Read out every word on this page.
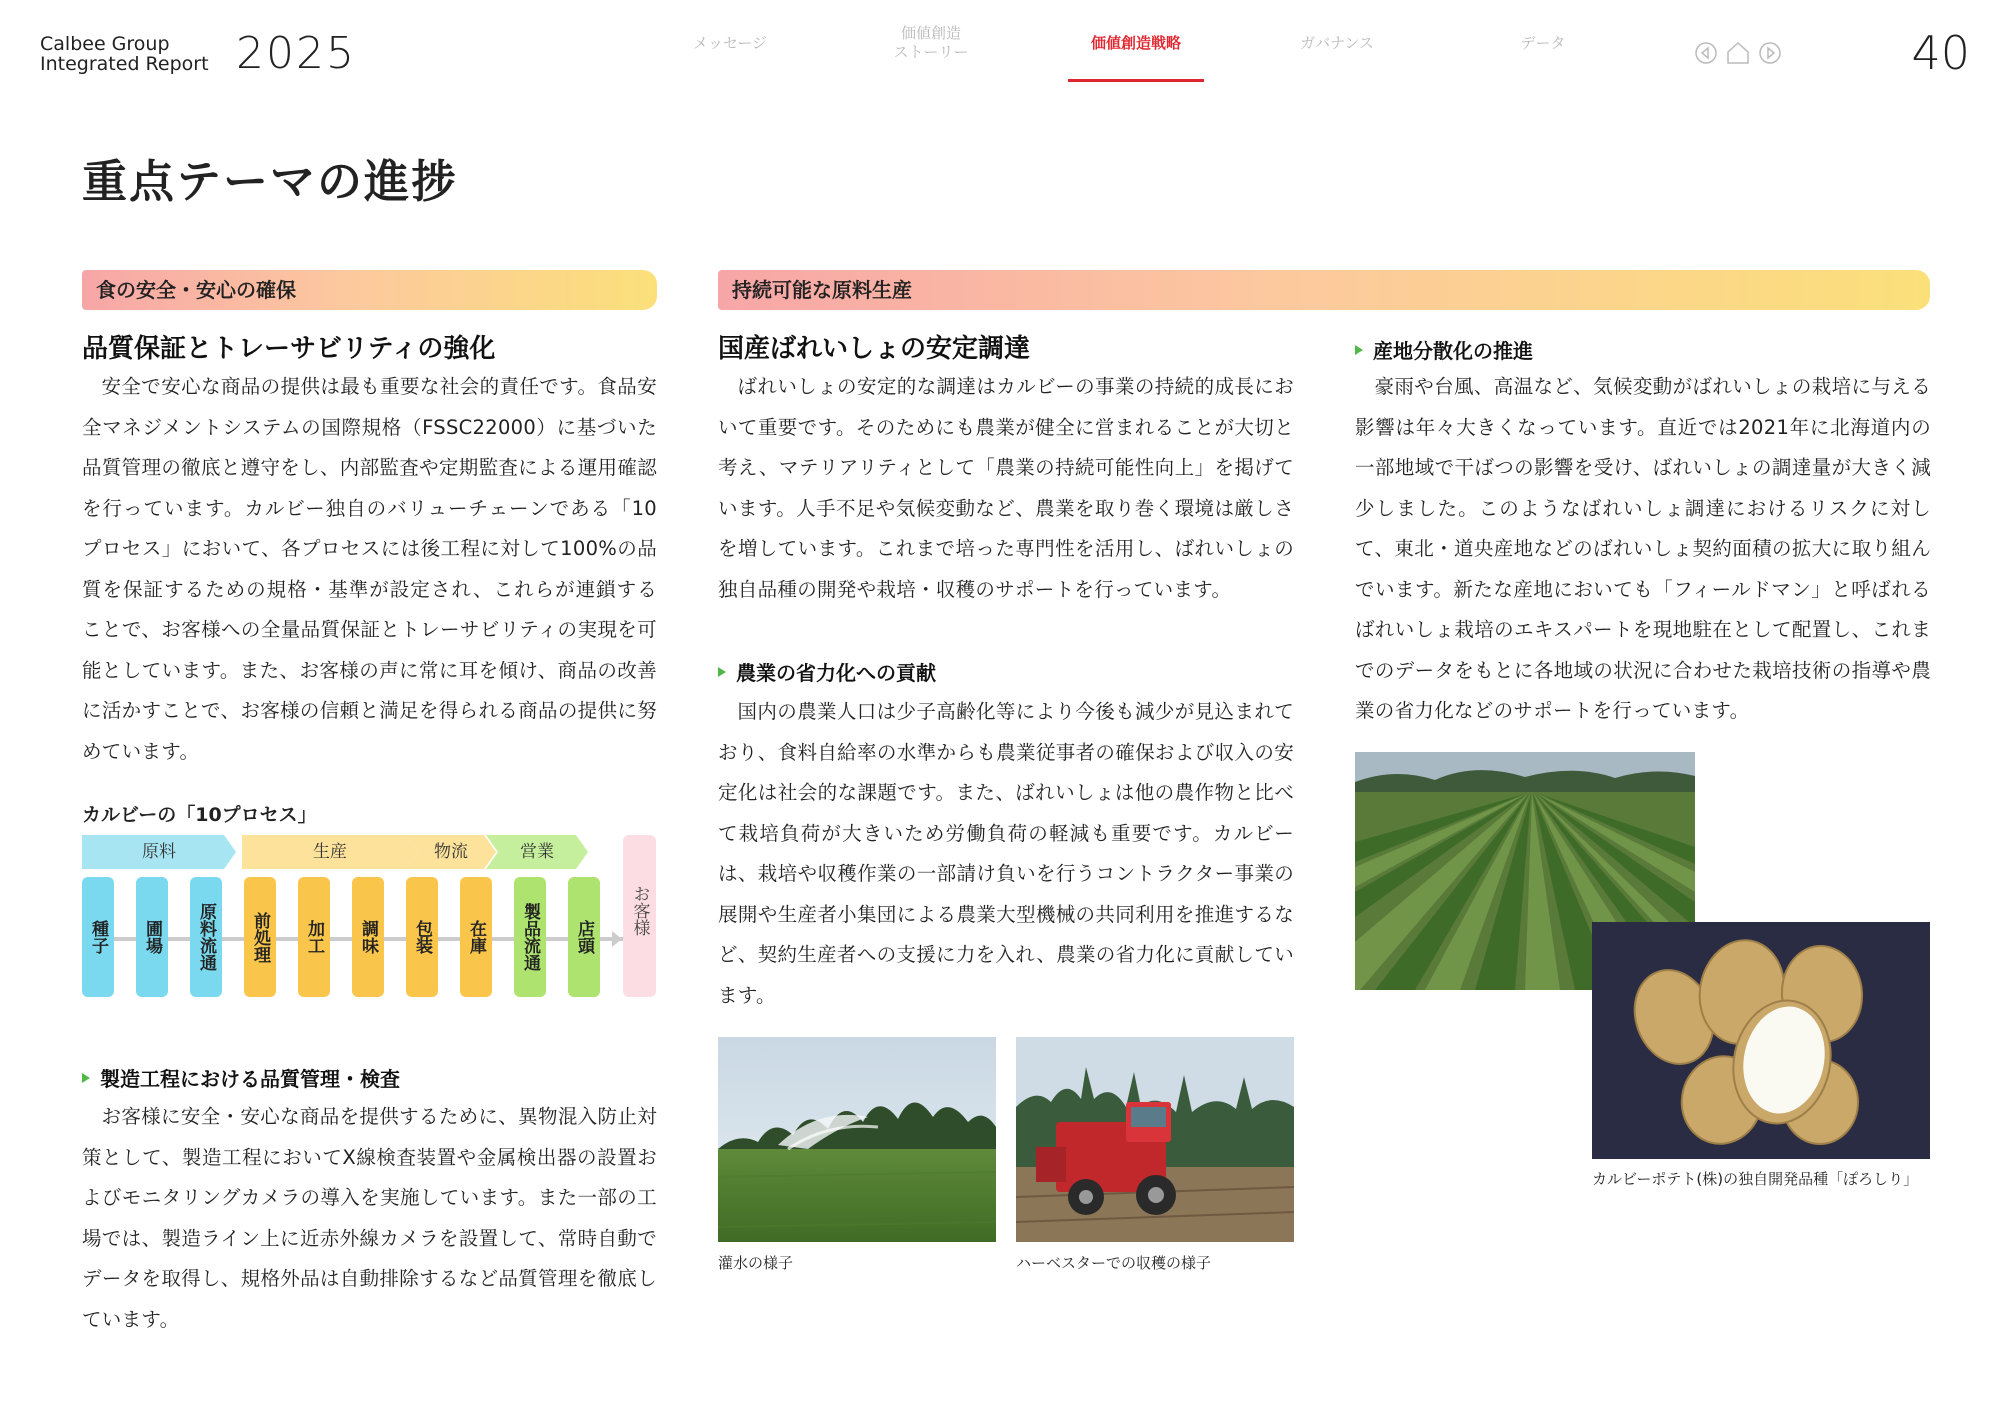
Calbee Group
Integrated Report 2025	メッセージ
価値創造
ストーリー
価値創造戦略	ガバナンス	データ	40
重点テーマの進捗
食の安全・安心の確保
品質保証とトレーサビリティの強化
安全で安心な商品の提供は最も重要な社会的責任です。食品安全マネジメントシステムの国際規格（FSSC22000）に基づいた品質管理の徹底と遵守をし、内部監査や定期監査による運用確認を行っています。カルビー独自のバリューチェーンである「10プロセス」において、各プロセスには後工程に対して100%の品質を保証するための規格・基準が設定され、これらが連鎖することで、お客様への全量品質保証とトレーサビリティの実現を可能としています。また、お客様の声に常に耳を傾け、商品の改善に活かすことで、お客様の信頼と満足を得られる商品の提供に努めています。
カルビーの「10プロセス」
原料	生産	物流	営業
種子	圃場	原料流通	前処理	加工	調味	包装	在庫	製品流通	店頭
お客様
製造工程における品質管理・検査
お客様に安全・安心な商品を提供するために、異物混入防止対策として、製造工程においてX線検査装置や金属検出器の設置およびモニタリングカメラの導入を実施しています。また一部の工場では、製造ライン上に近赤外線カメラを設置して、常時自動でデータを取得し、規格外品は自動排除するなど品質管理を徹底しています。
持続可能な原料生産
国産ばれいしょの安定調達
ばれいしょの安定的な調達はカルビーの事業の持続的成長において重要です。そのためにも農業が健全に営まれることが大切と考え、マテリアリティとして「農業の持続可能性向上」を掲げています。人手不足や気候変動など、農業を取り巻く環境は厳しさを増しています。これまで培った専門性を活用し、ばれいしょの独自品種の開発や栽培・収穫のサポートを行っています。
農業の省力化への貢献
国内の農業人口は少子高齢化等により今後も減少が見込まれており、食料自給率の水準からも農業従事者の確保および収入の安定化は社会的な課題です。また、ばれいしょは他の農作物と比べて栽培負荷が大きいため労働負荷の軽減も重要です。カルビーは、栽培や収穫作業の一部請け負いを行うコントラクター事業の展開や生産者小集団による農業大型機械の共同利用を推進するなど、契約生産者への支援に力を入れ、農業の省力化に貢献しています。
灌水の様子	ハーベスターでの収穫の様子
産地分散化の推進
豪雨や台風、高温など、気候変動がばれいしょの栽培に与える影響は年々大きくなっています。直近では2021年に北海道内の一部地域で干ばつの影響を受け、ばれいしょの調達量が大きく減少しました。このようなばれいしょ調達におけるリスクに対して、東北・道央産地などのばれいしょ契約面積の拡大に取り組んでいます。新たな産地においても「フィールドマン」と呼ばれるばれいしょ栽培のエキスパートを現地駐在として配置し、これまでのデータをもとに各地域の状況に合わせた栽培技術の指導や農業の省力化などのサポートを行っています。
カルビーポテト(株)の独自開発品種「ぽろしり」
